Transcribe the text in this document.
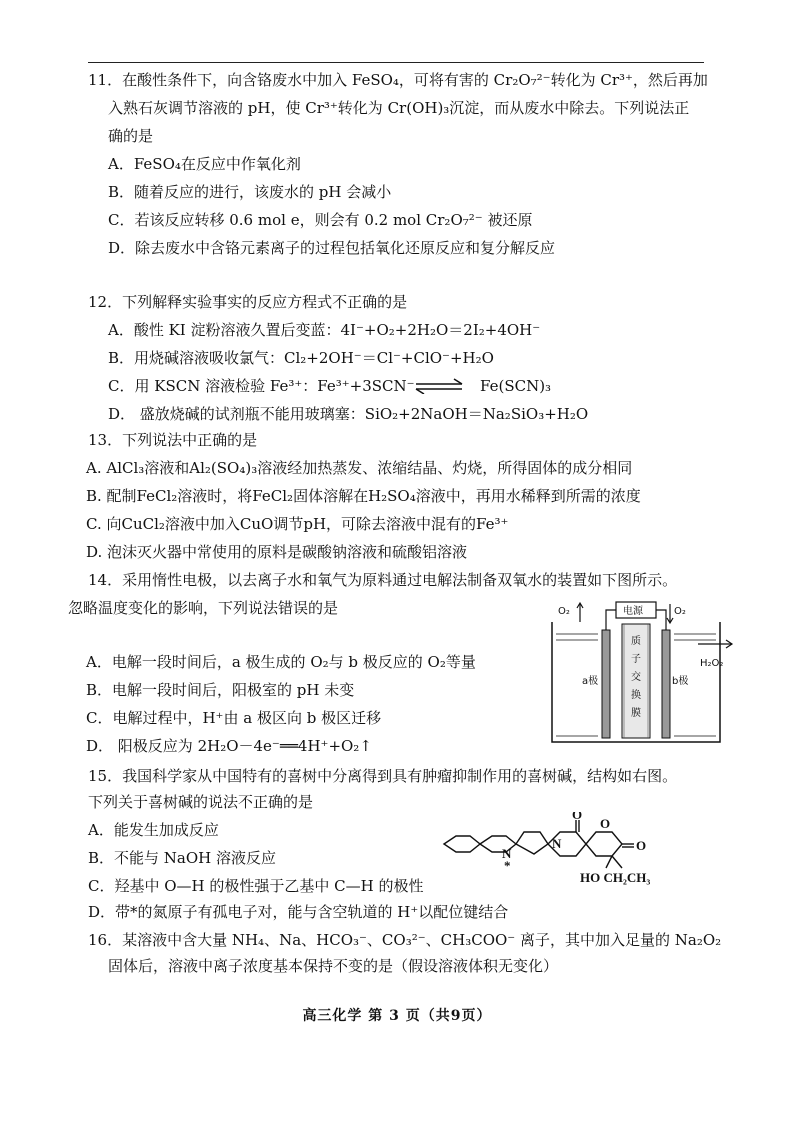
11．在酸性条件下，向含铬废水中加入 FeSO₄，可将有害的 Cr₂O₇²⁻转化为 Cr³⁺，然后再加
入熟石灰调节溶液的 pH，使 Cr³⁺转化为 Cr(OH)₃沉淀，而从废水中除去。下列说法正
确的是
A．FeSO₄在反应中作氧化剂
B．随着反应的进行，该废水的 pH 会减小
C．若该反应转移 0.6 mol e，则会有 0.2 mol Cr₂O₇²⁻ 被还原
D．除去废水中含铬元素离子的过程包括氧化还原反应和复分解反应
12．下列解释实验事实的反应方程式不正确的是
A．酸性 KI 淀粉溶液久置后变蓝：4I⁻+O₂+2H₂O＝2I₂+4OH⁻
B．用烧碱溶液吸收氯气：Cl₂+2OH⁻＝Cl⁻+ClO⁻+H₂O
C．用 KSCN 溶液检验 Fe³⁺：Fe³⁺+3SCN⁻ ⇌ Fe(SCN)₃
D． 盛放烧碱的试剂瓶不能用玻璃塞：SiO₂+2NaOH＝Na₂SiO₃+H₂O
13．下列说法中正确的是
A. AlCl₃溶液和Al₂(SO₄)₃溶液经加热蒸发、浓缩结晶、灼烧，所得固体的成分相同
B. 配制FeCl₂溶液时，将FeCl₂固体溶解在H₂SO₄溶液中，再用水稀释到所需的浓度
C. 向CuCl₂溶液中加入CuO调节pH，可除去溶液中混有的Fe³⁺
D. 泡沫灭火器中常使用的原料是碳酸钠溶液和硫酸铝溶液
14．采用惰性电极，以去离子水和氧气为原料通过电解法制备双氧水的装置如下图所示。
忽略温度变化的影响，下列说法错误的是
A．电解一段时间后，a 极生成的 O₂与 b 极反应的 O₂等量
B．电解一段时间后，阳极室的 pH 未变
C．电解过程中，H⁺由 a 极区向 b 极区迁移
D． 阳极反应为 2H₂O－4e⁻══4H⁺+O₂↑
电源
O₂	O₂
质
子
交
换
膜
a极	b极
H₂O₂
15．我国科学家从中国特有的喜树中分离得到具有肿瘤抑制作用的喜树碱，结构如右图。
下列关于喜树碱的说法不正确的是
A．能发生加成反应
B．不能与 NaOH 溶液反应
C．羟基中 O—H 的极性强于乙基中 C—H 的极性
D．带*的氮原子有孤电子对，能与含空轨道的 H⁺以配位键结合
O
O
O
N
N
*
HO CH₂CH₃
16．某溶液中含大量 NH₄、Na、HCO₃⁻、CO₃²⁻、CH₃COO⁻ 离子，其中加入足量的 Na₂O₂
固体后，溶液中离子浓度基本保持不变的是（假设溶液体积无变化）
高三化学 第 3 页（共9页）
